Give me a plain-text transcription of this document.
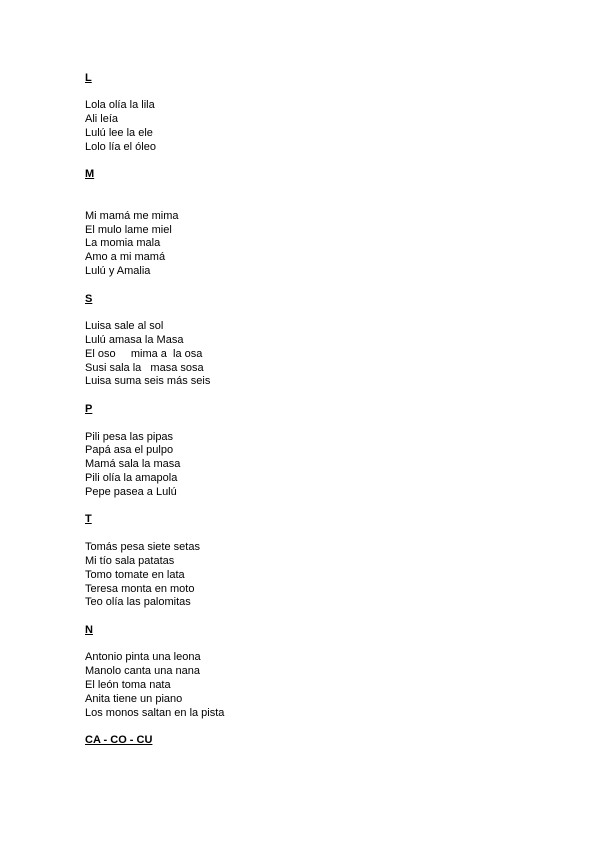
L
Lola olía la lila
Ali leía
Lulú lee la ele
Lolo lía el óleo
M
Mi mamá me mima
El mulo lame miel
La momia mala
Amo a mi mamá
Lulú y Amalia
S
Luisa sale al sol
Lulú amasa la Masa
El oso     mima a  la osa
Susi sala la   masa sosa
Luisa suma seis más seis
P
Pili pesa las pipas
Papá asa el pulpo
Mamá sala la masa
Pili olía la amapola
Pepe pasea a Lulú
T
Tomás pesa siete setas
Mi tío sala patatas
Tomo tomate en lata
Teresa monta en moto
Teo olía las palomitas
N
Antonio pinta una leona
Manolo canta una nana
El león toma nata
Anita tiene un piano
Los monos saltan en la pista
CA - CO - CU
